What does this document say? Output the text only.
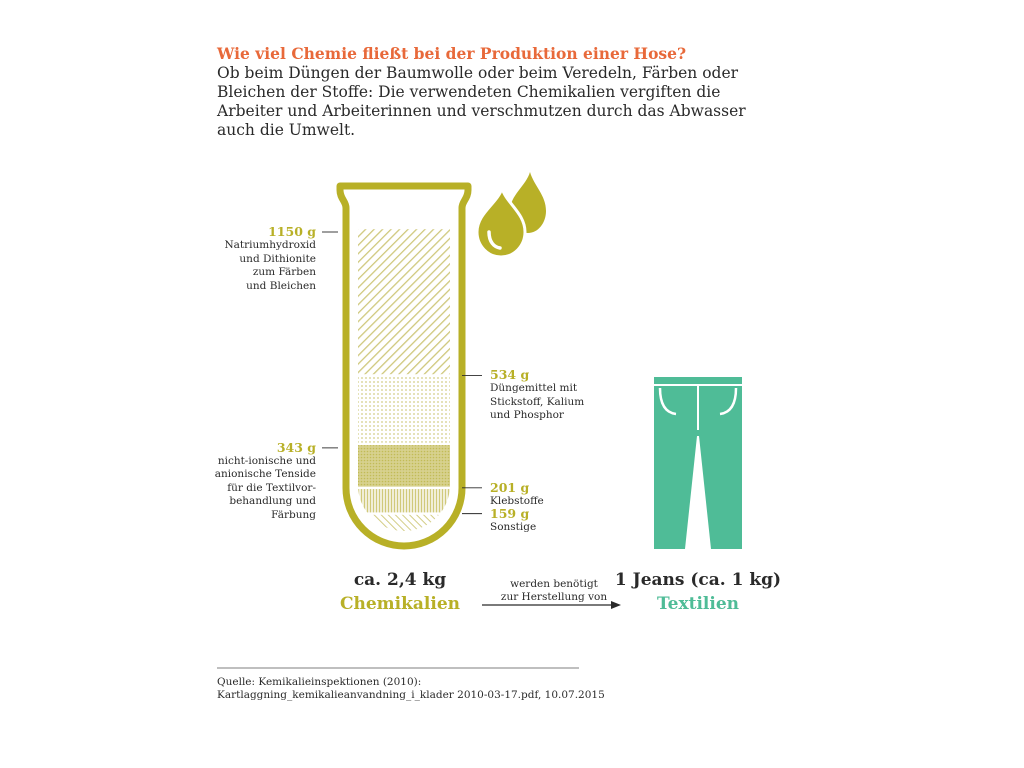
Wie viel Chemie fließt bei der Produktion einer Hose?
Ob beim Düngen der Baumwolle oder beim Veredeln, Färben oder Bleichen der Stoffe: Die verwendeten Chemikalien vergiften die Arbeiter und Arbeiterinnen und verschmutzen durch das Abwasser auch die Umwelt.
159 g
Sonstige
201 g
Klebstoffe
343 g
nicht-ionische und
anionische Tenside
für die Textilvor-
behandlung und
Färbung
534 g
Düngemittel mit
Stickstoff, Kalium
und Phosphor
1150 g
Natriumhydroxid
und Dithionite
zum Färben
und Bleichen
ca. 2,4 kg
Chemikalien
werden benötigt
zur Herstellung von
1 Jeans (ca. 1 kg)
Textilien
Quelle: Kemikalieinspektionen (2010):
Kartlaggning_kemikalieanvandning_i_klader 2010-03-17.pdf, 10.07.2015
